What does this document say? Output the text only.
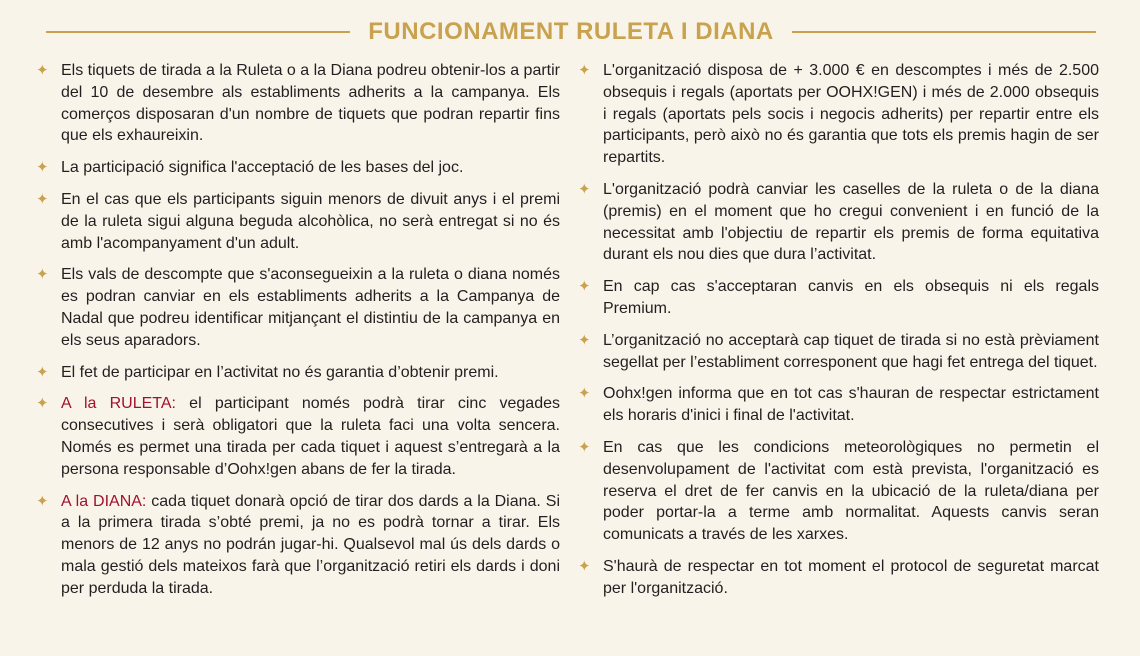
FUNCIONAMENT RULETA I DIANA
✦ Els tiquets de tirada a la Ruleta o a la Diana podreu obtenir-los a partir del 10 de desembre als establiments adherits a la campanya. Els comerços disposaran d'un nombre de tiquets que podran repartir fins que els exhaureixin.
✦ La participació significa l'acceptació de les bases del joc.
✦ En el cas que els participants siguin menors de divuit anys i el premi de la ruleta sigui alguna beguda alcohòlica, no serà entregat si no és amb l'acompanyament d'un adult.
✦ Els vals de descompte que s'aconsegueixin a la ruleta o diana només es podran canviar en els establiments adherits a la Campanya de Nadal que podreu identificar mitjançant el distintiu de la campanya en els seus aparadors.
✦ El fet de participar en l’activitat no és garantia d’obtenir premi.
✦ A la RULETA: el participant només podrà tirar cinc vegades consecutives i serà obligatori que la ruleta faci una volta sencera. Només es permet una tirada per cada tiquet i aquest s’entregarà a la persona responsable d’Oohx!gen abans de fer la tirada.
✦ A la DIANA: cada tiquet donarà opció de tirar dos dards a la Diana. Si a la primera tirada s’obté premi, ja no es podrà tornar a tirar. Els menors de 12 anys no podrán jugar-hi. Qualsevol mal ús dels dards o mala gestió dels mateixos farà que l’organització retiri els dards i doni per perduda la tirada.
✦ L'organització disposa de + 3.000 € en descomptes i més de 2.500 obsequis i regals (aportats per OOHX!GEN) i més de 2.000 obsequis i regals (aportats pels socis i negocis adherits) per repartir entre els participants, però això no és garantia que tots els premis hagin de ser repartits.
✦ L'organització podrà canviar les caselles de la ruleta o de la diana (premis) en el moment que ho cregui convenient i en funció de la necessitat amb l'objectiu de repartir els premis de forma equitativa durant els nou dies que dura l’activitat.
✦ En cap cas s'acceptaran canvis en els obsequis ni els regals Premium.
✦ L’organització no acceptarà cap tiquet de tirada si no està prèviament segellat per l’establiment corresponent que hagi fet entrega del tiquet.
✦ Oohx!gen informa que en tot cas s'hauran de respectar estrictament els horaris d'inici i final de l'activitat.
✦ En cas que les condicions meteorològiques no permetin el desenvolupament de l'activitat com està prevista, l'organització es reserva el dret de fer canvis en la ubicació de la ruleta/diana per poder portar-la a terme amb normalitat. Aquests canvis seran comunicats a través de les xarxes.
✦ S'haurà de respectar en tot moment el protocol de seguretat marcat per l'organització.
